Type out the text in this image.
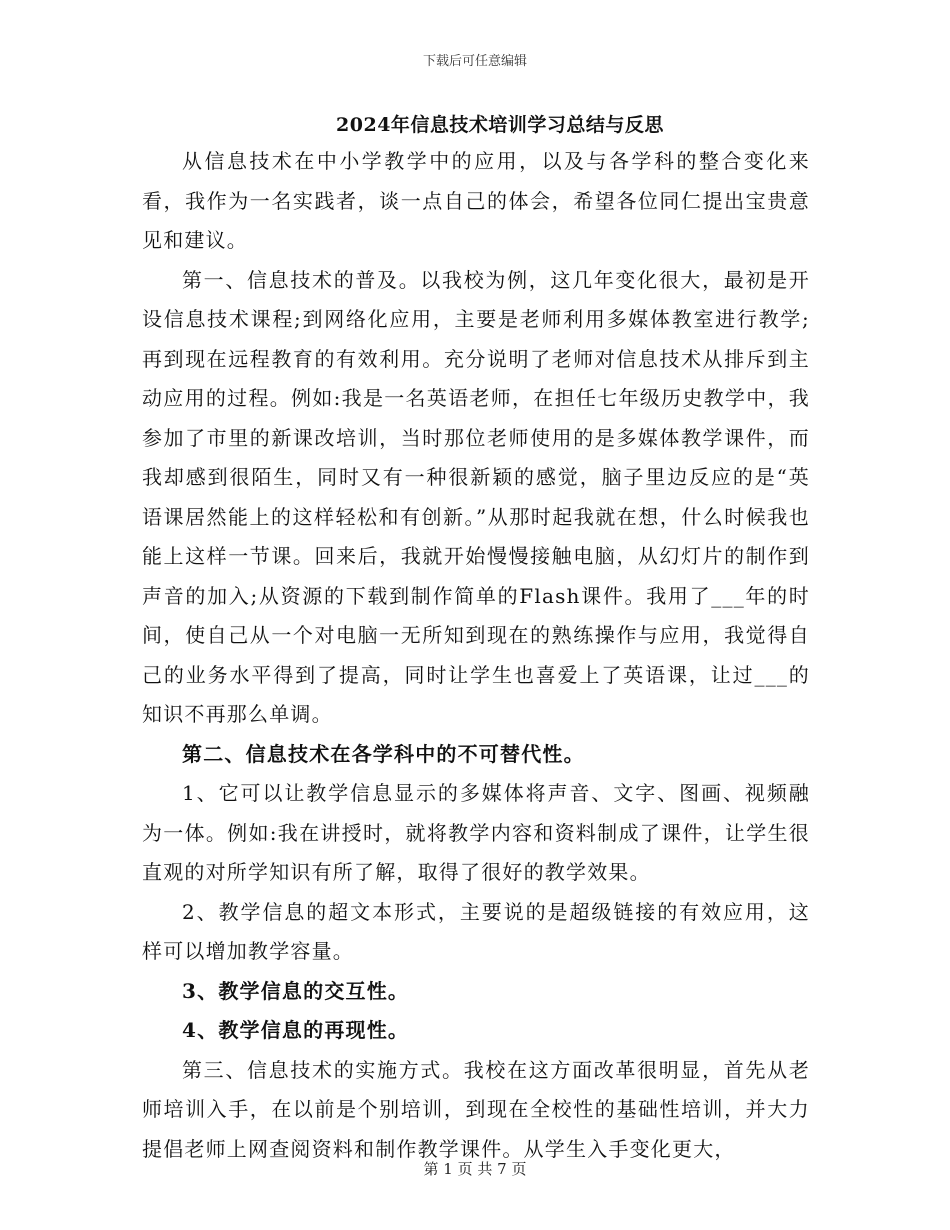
下载后可任意编辑
2024年信息技术培训学习总结与反思

从信息技术在中小学教学中的应用，以及与各学科的整合变化来看，我作为一名实践者，谈一点自己的体会，希望各位同仁提出宝贵意见和建议。

第一、信息技术的普及。以我校为例，这几年变化很大，最初是开设信息技术课程;到网络化应用，主要是老师利用多媒体教室进行教学;再到现在远程教育的有效利用。充分说明了老师对信息技术从排斥到主动应用的过程。例如:我是一名英语老师，在担任七年级历史教学中，我参加了市里的新课改培训，当时那位老师使用的是多媒体教学课件，而我却感到很陌生，同时又有一种很新颖的感觉，脑子里边反应的是“英语课居然能上的这样轻松和有创新。”从那时起我就在想，什么时候我也能上这样一节课。回来后，我就开始慢慢接触电脑，从幻灯片的制作到声音的加入;从资源的下载到制作简单的Flash课件。我用了___年的时间，使自己从一个对电脑一无所知到现在的熟练操作与应用，我觉得自己的业务水平得到了提高，同时让学生也喜爱上了英语课，让过___的知识不再那么单调。

第二、信息技术在各学科中的不可替代性。

1、它可以让教学信息显示的多媒体将声音、文字、图画、视频融为一体。例如:我在讲授时，就将教学内容和资料制成了课件，让学生很直观的对所学知识有所了解，取得了很好的教学效果。

2、教学信息的超文本形式，主要说的是超级链接的有效应用，这样可以增加教学容量。

3、教学信息的交互性。

4、教学信息的再现性。

第三、信息技术的实施方式。我校在这方面改革很明显，首先从老师培训入手，在以前是个别培训，到现在全校性的基础性培训，并大力提倡老师上网查阅资料和制作教学课件。从学生入手变化更大，

第 1 页 共 7 页
